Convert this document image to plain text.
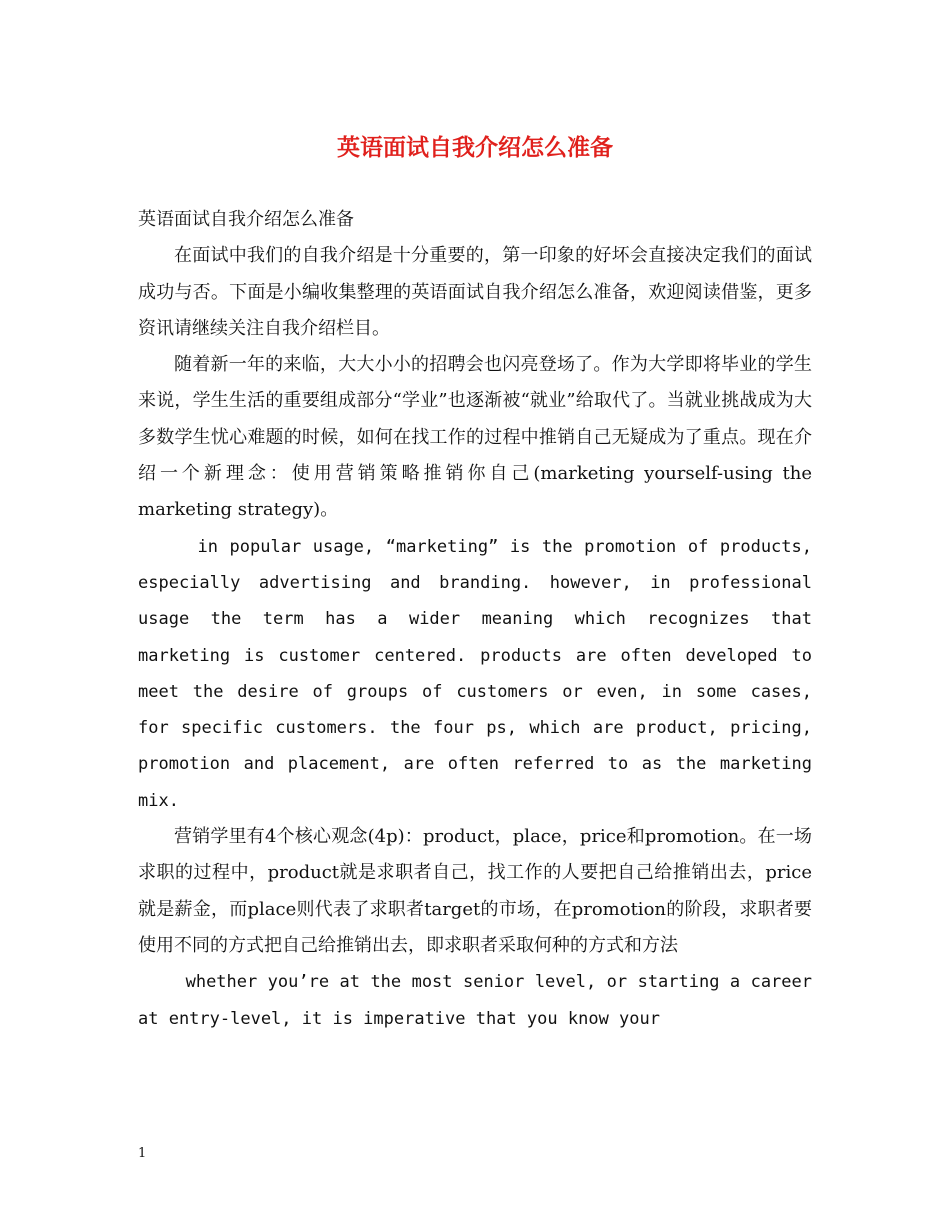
英语面试自我介绍怎么准备

英语面试自我介绍怎么准备

在面试中我们的自我介绍是十分重要的，第一印象的好坏会直接决定我们的面试成功与否。下面是小编收集整理的英语面试自我介绍怎么准备，欢迎阅读借鉴，更多资讯请继续关注自我介绍栏目。

随着新一年的来临，大大小小的招聘会也闪亮登场了。作为大学即将毕业的学生来说，学生生活的重要组成部分“学业”也逐渐被“就业”给取代了。当就业挑战成为大多数学生忧心难题的时候，如何在找工作的过程中推销自己无疑成为了重点。现在介绍一个新理念：使用营销策略推销你自己(marketing yourself-using the marketing strategy)。

in popular usage, “marketing” is the promotion of products, especially advertising and branding. however, in professional usage the term has a wider meaning which recognizes that marketing is customer centered. products are often developed to meet the desire of groups of customers or even, in some cases, for specific customers. the four ps, which are product, pricing, promotion and placement, are often referred to as the marketing mix.

营销学里有4个核心观念(4p)：product，place，price和promotion。在一场求职的过程中，product就是求职者自己，找工作的人要把自己给推销出去，price就是薪金，而place则代表了求职者target的市场，在promotion的阶段，求职者要使用不同的方式把自己给推销出去，即求职者采取何种的方式和方法

whether you’re at the most senior level, or starting a career at entry-level, it is imperative that you know your

1
